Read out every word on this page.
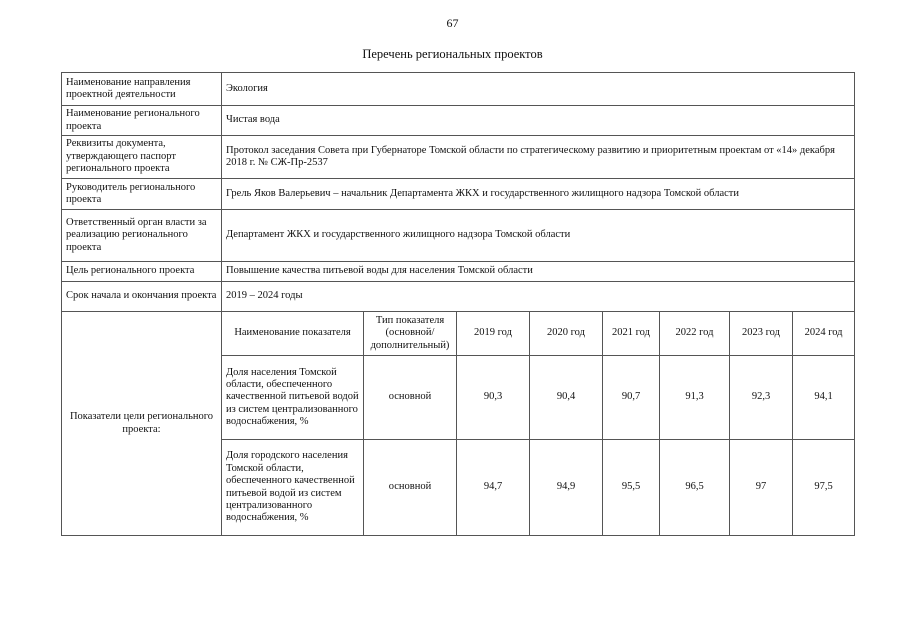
67
Перечень региональных проектов
Наименование направления проектной деятельности	Экология							
Наименование регионального проекта	Чистая вода							
Реквизиты документа, утверждающего паспорт регионального проекта	Протокол заседания Совета при Губернаторе Томской области по стратегическому развитию и приоритетным проектам от «14» декабря 2018 г. № СЖ-Пр-2537							
Руководитель регионального проекта	Грель Яков Валерьевич – начальник Департамента ЖКХ и государственного жилищного надзора Томской области							
Ответственный орган власти за реализацию регионального проекта	Департамент ЖКХ и государственного жилищного надзора Томской области							
Цель регионального проекта	Повышение качества питьевой воды для населения Томской области							
Срок начала и окончания проекта	2019 – 2024 годы							
Показатели цели регионального проекта:	Наименование показателя	Тип показателя (основной/дополнительный)	2019 год	2020 год	2021 год	2022 год	2023 год	2024 год
	Доля населения Томской области, обеспеченного качественной питьевой водой из систем централизованного водоснабжения, %	основной	90,3	90,4	90,7	91,3	92,3	94,1
	Доля городского населения Томской области, обеспеченного качественной питьевой водой из систем централизованного водоснабжения, %	основной	94,7	94,9	95,5	96,5	97	97,5
